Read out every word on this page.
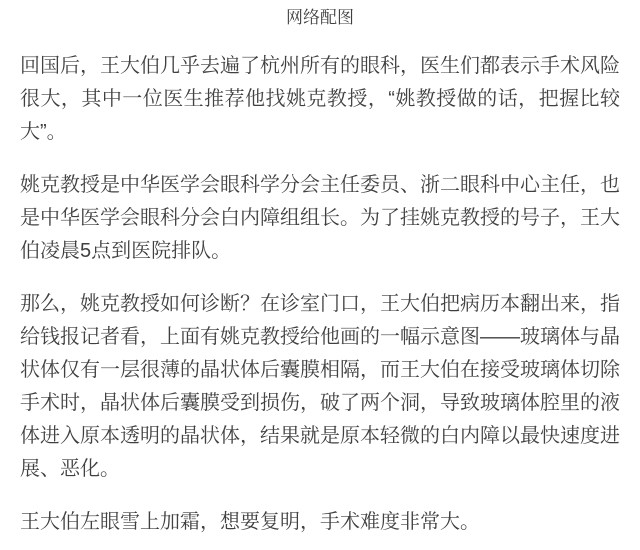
网络配图

回国后，王大伯几乎去遍了杭州所有的眼科，医生们都表示手术风险很大，其中一位医生推荐他找姚克教授，“姚教授做的话，把握比较大”。

姚克教授是中华医学会眼科学分会主任委员、浙二眼科中心主任，也是中华医学会眼科分会白内障组组长。为了挂姚克教授的号子，王大伯凌晨5点到医院排队。

那么，姚克教授如何诊断？在诊室门口，王大伯把病历本翻出来，指给钱报记者看，上面有姚克教授给他画的一幅示意图——玻璃体与晶状体仅有一层很薄的晶状体后囊膜相隔，而王大伯在接受玻璃体切除手术时，晶状体后囊膜受到损伤，破了两个洞，导致玻璃体腔里的液体进入原本透明的晶状体，结果就是原本轻微的白内障以最快速度进展、恶化。

王大伯左眼雪上加霜，想要复明，手术难度非常大。
